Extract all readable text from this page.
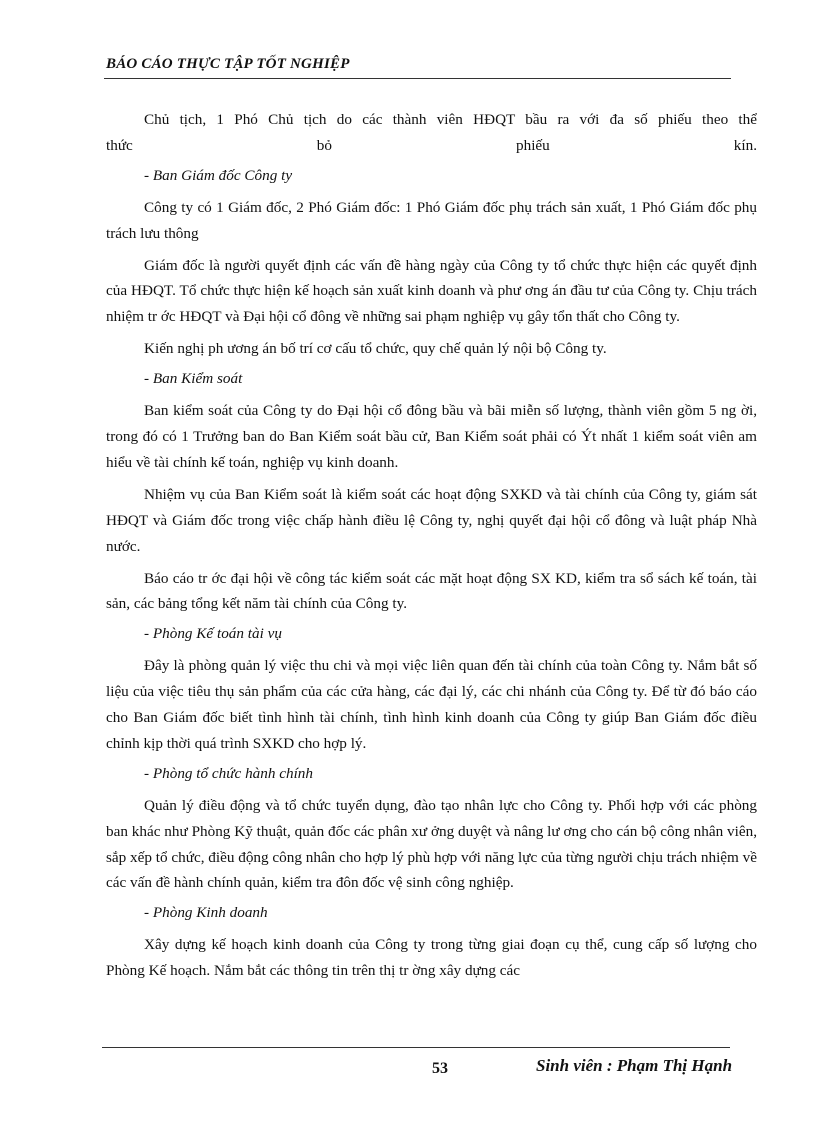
BÁO CÁO THỰC TẬP TỐT NGHIỆP

Chủ tịch, 1 Phó Chủ tịch do các thành viên HĐQT bầu ra với đa số phiếu theo thể

thức bỏ phiếu kín.

- Ban Giám đốc Công ty

Công ty có 1 Giám đốc, 2 Phó Giám đốc: 1 Phó Giám đốc phụ trách sản xuất, 1 Phó Giám đốc phụ trách lưu thông

Giám đốc là người quyết định các vấn đề hàng ngày của Công ty tổ chức thực hiện các quyết định của HĐQT. Tổ chức thực hiện kế hoạch sản xuất kinh doanh và phư ơng án đầu tư của Công ty. Chịu trách nhiệm tr ớc HĐQT và Đại hội cổ đông về những sai phạm nghiệp vụ gây tổn thất cho Công ty.

Kiến nghị ph ương án bố trí cơ cấu tổ chức, quy chế quản lý nội bộ Công ty.

- Ban Kiểm soát

Ban kiểm soát của Công ty do Đại hội cổ đông bầu và bãi miễn số lượng, thành viên gồm 5 ng ời, trong đó có 1 Trưởng ban do Ban Kiểm soát bầu cử, Ban Kiểm soát phải có Ýt nhất 1 kiểm soát viên am hiểu về tài chính kế toán, nghiệp vụ kinh doanh.

Nhiệm vụ của Ban Kiểm soát là kiểm soát các hoạt động SXKD và tài chính của Công ty, giám sát HĐQT và Giám đốc trong việc chấp hành điều lệ Công ty, nghị quyết đại hội cổ đông và luật pháp Nhà nước.

Báo cáo tr ớc đại hội về công tác kiểm soát các mặt hoạt động SX KD, kiểm tra sổ sách kế toán, tài sản, các bảng tổng kết năm tài chính của Công ty.

- Phòng Kế toán tài vụ

Đây là phòng quản lý việc thu chi và mọi việc liên quan đến tài chính của toàn Công ty. Nắm bắt số liệu của việc tiêu thụ sản phẩm của các cửa hàng, các đại lý, các chi nhánh của Công ty. Để từ đó báo cáo cho Ban Giám đốc biết tình hình tài chính, tình hình kinh doanh của Công ty giúp Ban Giám đốc điều chỉnh kịp thời quá trình SXKD cho hợp lý.

- Phòng tổ chức hành chính

Quản lý điều động và tổ chức tuyển dụng, đào tạo nhân lực cho Công ty. Phối hợp với các phòng ban khác như Phòng Kỹ thuật, quản đốc các phân xư ởng duyệt và nâng lư ơng cho cán bộ công nhân viên, sắp xếp tổ chức, điều động công nhân cho hợp lý phù hợp với năng lực của từng người chịu trách nhiệm về các vấn đề hành chính quản, kiểm tra đôn đốc vệ sinh công nghiệp.

- Phòng Kinh doanh

Xây dựng kế hoạch kinh doanh của Công ty trong từng giai đoạn cụ thể, cung cấp số lượng cho Phòng Kế hoạch. Nắm bắt các thông tin trên thị tr ờng xây dựng các

53	Sinh viên : Phạm Thị Hạnh
